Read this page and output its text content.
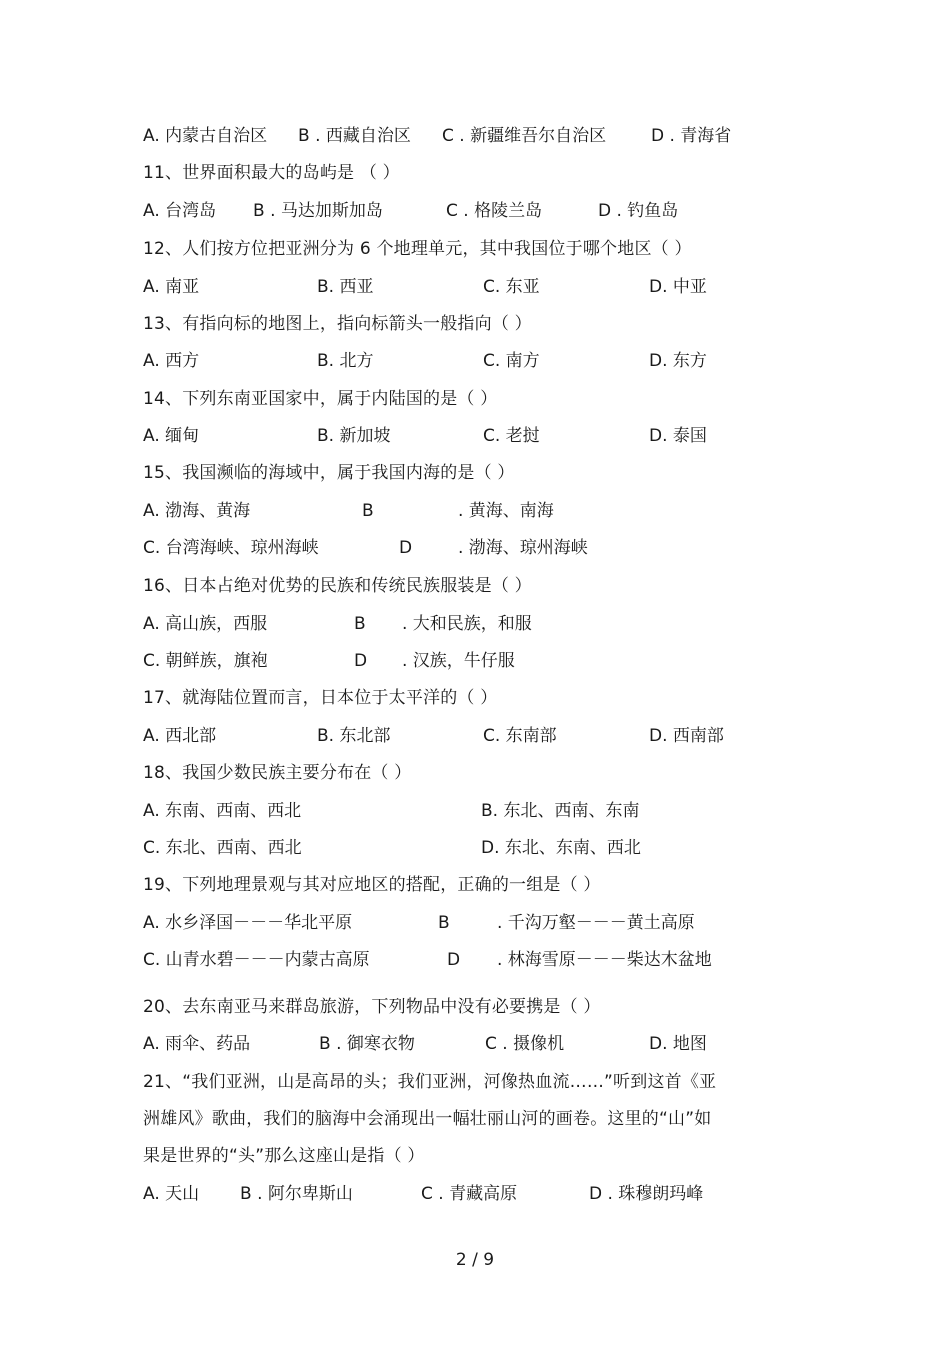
A. 内蒙古自治区 B . 西藏自治区 C . 新疆维吾尔自治区	D . 青海省
11、世界面积最大的岛屿是 （ ）
A. 台湾岛 B . 马达加斯加岛	C . 格陵兰岛	D . 钓鱼岛
12、人们按方位把亚洲分为 6 个地理单元，其中我国位于哪个地区（ ）
A. 南亚	B. 西亚	C. 东亚	D. 中亚
13、有指向标的地图上，指向标箭头一般指向（ ）
A. 西方	B. 北方	C. 南方	D. 东方
14、下列东南亚国家中，属于内陆国的是（ ）
A. 缅甸	B. 新加坡	C. 老挝	D. 泰国
15、我国濒临的海域中，属于我国内海的是（ ）
A. 渤海、黄海	B	. 黄海、南海
C. 台湾海峡、琼州海峡	D	. 渤海、琼州海峡
16、日本占绝对优势的民族和传统民族服装是（ ）
A. 高山族，西服	B . 大和民族，和服
C. 朝鲜族，旗袍	D . 汉族，牛仔服
17、就海陆位置而言，日本位于太平洋的（ ）
A. 西北部	B. 东北部	C. 东南部	D. 西南部
18、我国少数民族主要分布在（ ）
A. 东南、西南、西北	B. 东北、西南、东南
C. 东北、西南、西北	D. 东北、东南、西北
19、下列地理景观与其对应地区的搭配，正确的一组是（ ）
A. 水乡泽国－－－华北平原	B	. 千沟万壑－－－黄土高原
C. 山青水碧－－－内蒙古高原	D . 林海雪原－－－柴达木盆地
20、去东南亚马来群岛旅游，下列物品中没有必要携是（ ）
A. 雨伞、药品	B . 御寒衣物	C . 摄像机	D. 地图
21、“我们亚洲，山是高昂的头；我们亚洲，河像热血流……”听到这首《亚
洲雄风》歌曲，我们的脑海中会涌现出一幅壮丽山河的画卷。这里的“山”如
果是世界的“头”那么这座山是指（ ）
A. 天山 B . 阿尔卑斯山	C . 青藏高原	D . 珠穆朗玛峰
2 / 9
